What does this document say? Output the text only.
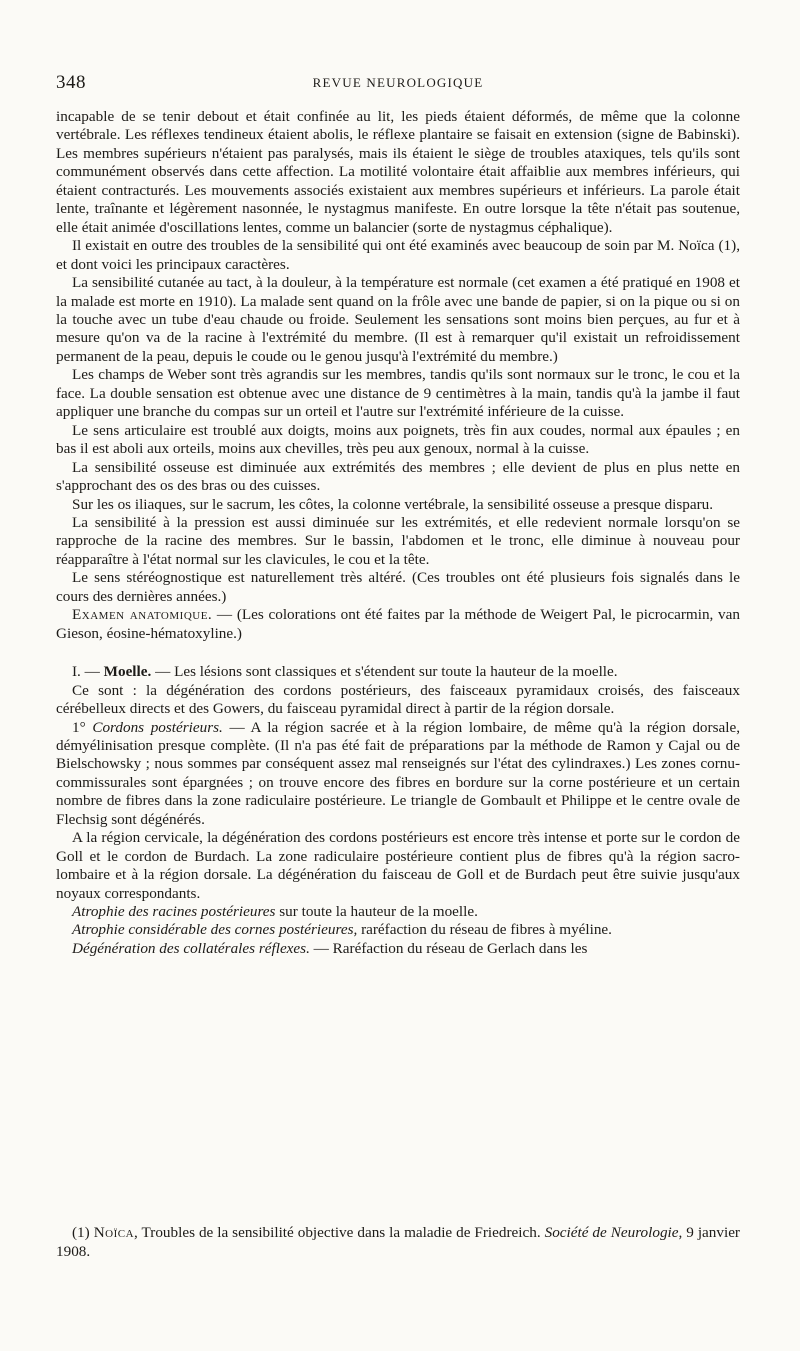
348	REVUE NEUROLOGIQUE

incapable de se tenir debout et était confinée au lit, les pieds étaient déformés, de même que la colonne vertébrale. Les réflexes tendineux étaient abolis, le réflexe plantaire se faisait en extension (signe de Babinski). Les membres supérieurs n'étaient pas paralysés, mais ils étaient le siège de troubles ataxiques, tels qu'ils sont communément observés dans cette affection. La motilité volontaire était affaiblie aux membres inférieurs, qui étaient contracturés. Les mouvements associés existaient aux membres supérieurs et inférieurs. La parole était lente, traînante et légèrement nasonnée, le nystagmus manifeste. En outre lorsque la tête n'était pas soutenue, elle était animée d'oscillations lentes, comme un balancier (sorte de nystagmus céphalique).

Il existait en outre des troubles de la sensibilité qui ont été examinés avec beaucoup de soin par M. Noïca (1), et dont voici les principaux caractères.

La sensibilité cutanée au tact, à la douleur, à la température est normale (cet examen a été pratiqué en 1908 et la malade est morte en 1910). La malade sent quand on la frôle avec une bande de papier, si on la pique ou si on la touche avec un tube d'eau chaude ou froide. Seulement les sensations sont moins bien perçues, au fur et à mesure qu'on va de la racine à l'extrémité du membre. (Il est à remarquer qu'il existait un refroidissement permanent de la peau, depuis le coude ou le genou jusqu'à l'extrémité du membre.)

Les champs de Weber sont très agrandis sur les membres, tandis qu'ils sont normaux sur le tronc, le cou et la face. La double sensation est obtenue avec une distance de 9 centimètres à la main, tandis qu'à la jambe il faut appliquer une branche du compas sur un orteil et l'autre sur l'extrémité inférieure de la cuisse.

Le sens articulaire est troublé aux doigts, moins aux poignets, très fin aux coudes, normal aux épaules ; en bas il est aboli aux orteils, moins aux chevilles, très peu aux genoux, normal à la cuisse.

La sensibilité osseuse est diminuée aux extrémités des membres ; elle devient de plus en plus nette en s'approchant des os des bras ou des cuisses.

Sur les os iliaques, sur le sacrum, les côtes, la colonne vertébrale, la sensibilité osseuse a presque disparu.

La sensibilité à la pression est aussi diminuée sur les extrémités, et elle redevient normale lorsqu'on se rapproche de la racine des membres. Sur le bassin, l'abdomen et le tronc, elle diminue à nouveau pour réapparaître à l'état normal sur les clavicules, le cou et la tête.

Le sens stéréognostique est naturellement très altéré. (Ces troubles ont été plusieurs fois signalés dans le cours des dernières années.)

Examen anatomique. — (Les colorations ont été faites par la méthode de Weigert Pal, le picrocarmin, van Gieson, éosine-hématoxyline.)

I. — Moelle. — Les lésions sont classiques et s'étendent sur toute la hauteur de la moelle.

Ce sont : la dégénération des cordons postérieurs, des faisceaux pyramidaux croisés, des faisceaux cérébelleux directs et des Gowers, du faisceau pyramidal direct à partir de la région dorsale.

1° Cordons postérieurs. — A la région sacrée et à la région lombaire, de même qu'à la région dorsale, démyélinisation presque complète. (Il n'a pas été fait de préparations par la méthode de Ramon y Cajal ou de Bielschowsky ; nous sommes par conséquent assez mal renseignés sur l'état des cylindraxes.) Les zones cornu-commissurales sont épargnées ; on trouve encore des fibres en bordure sur la corne postérieure et un certain nombre de fibres dans la zone radiculaire postérieure. Le triangle de Gombault et Philippe et le centre ovale de Flechsig sont dégénérés.

A la région cervicale, la dégénération des cordons postérieurs est encore très intense et porte sur le cordon de Goll et le cordon de Burdach. La zone radiculaire postérieure contient plus de fibres qu'à la région sacro-lombaire et à la région dorsale. La dégénération du faisceau de Goll et de Burdach peut être suivie jusqu'aux noyaux correspondants.

Atrophie des racines postérieures sur toute la hauteur de la moelle.

Atrophie considérable des cornes postérieures, raréfaction du réseau de fibres à myéline.

Dégénération des collatérales réflexes. — Raréfaction du réseau de Gerlach dans les

(1) Noïca, Troubles de la sensibilité objective dans la maladie de Friedreich. Société de Neurologie, 9 janvier 1908.
